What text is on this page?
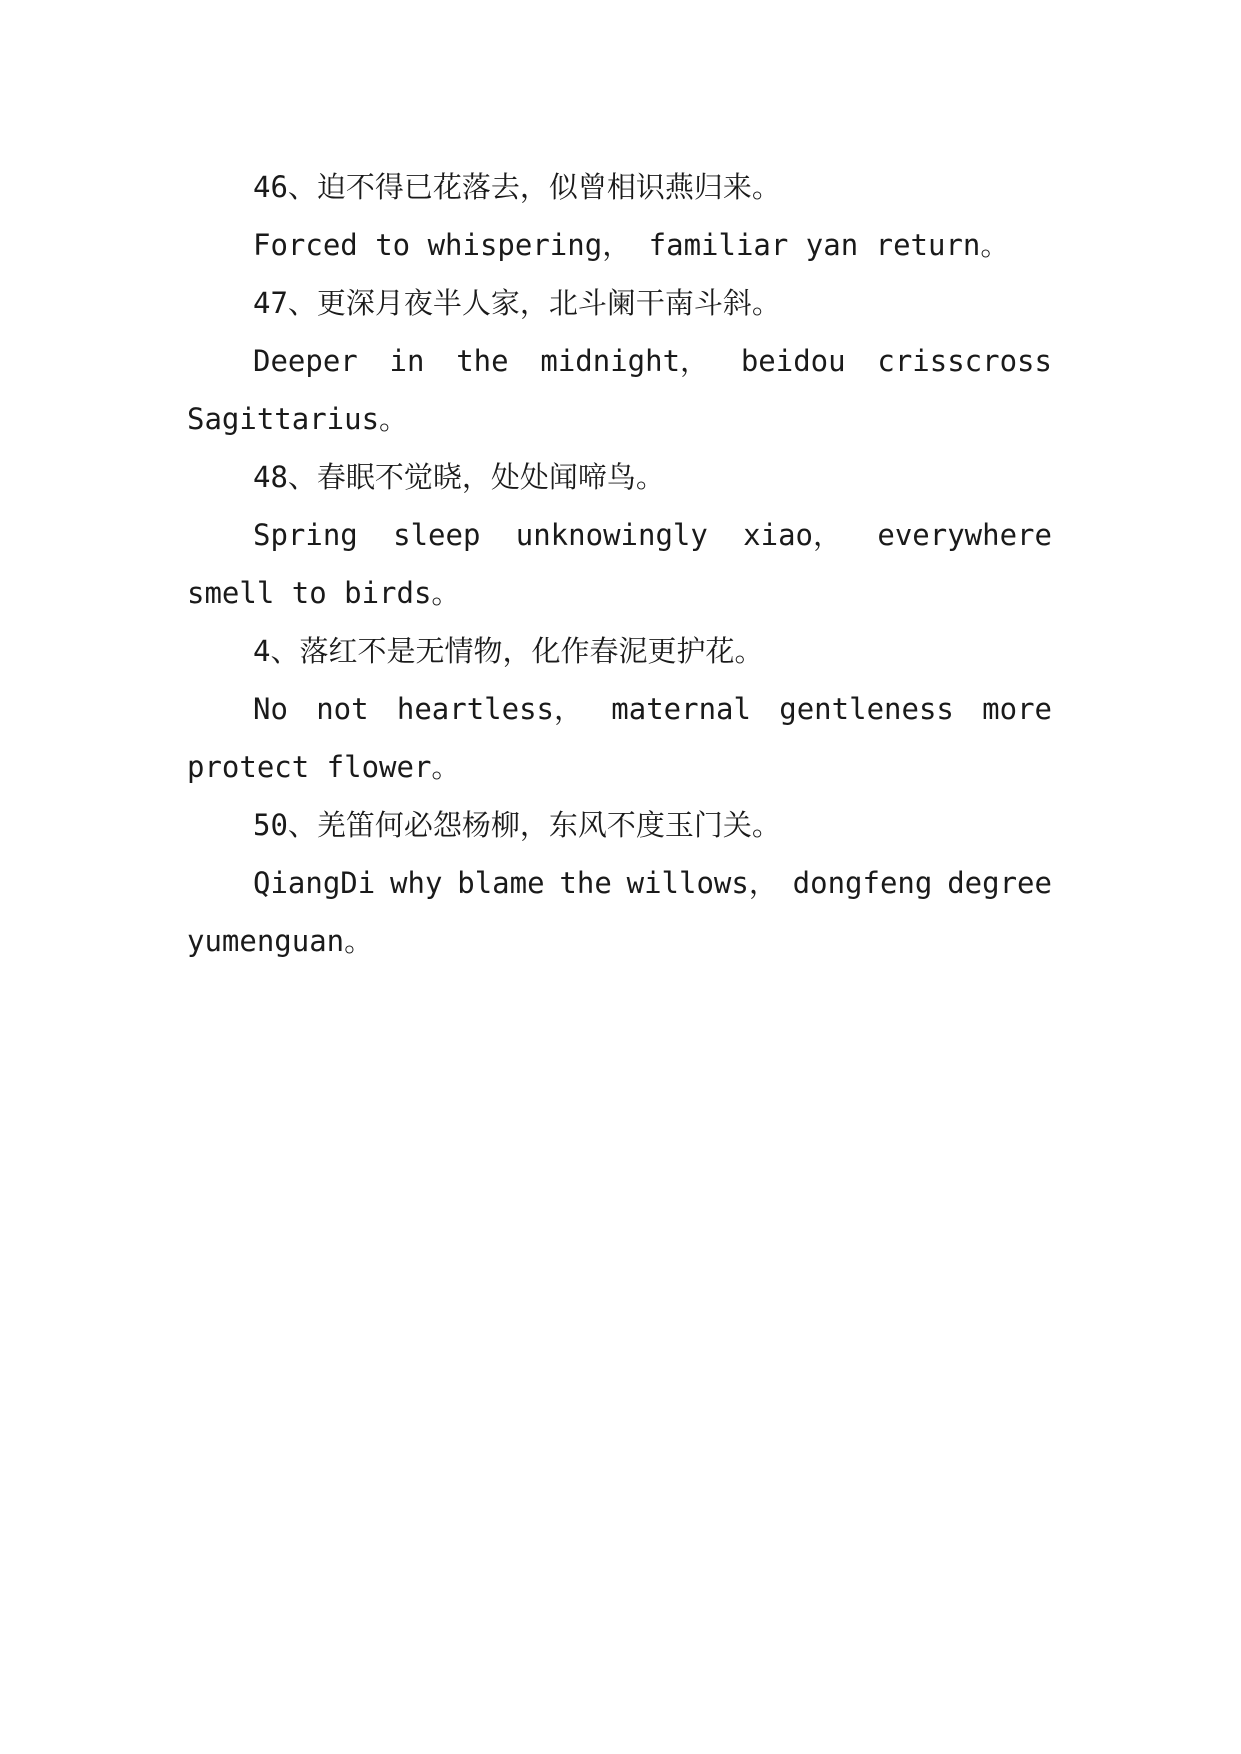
46、迫不得已花落去，似曾相识燕归来。

Forced to whispering， familiar yan return。

47、更深月夜半人家，北斗阑干南斗斜。

Deeper in the midnight， beidou crisscross

Sagittarius。

48、春眠不觉晓，处处闻啼鸟。

Spring sleep unknowingly xiao， everywhere

smell to birds。

4、落红不是无情物，化作春泥更护花。

No not heartless， maternal gentleness more

protect flower。

50、羌笛何必怨杨柳，东风不度玉门关。

QiangDi why blame the willows， dongfeng degree

yumenguan。
